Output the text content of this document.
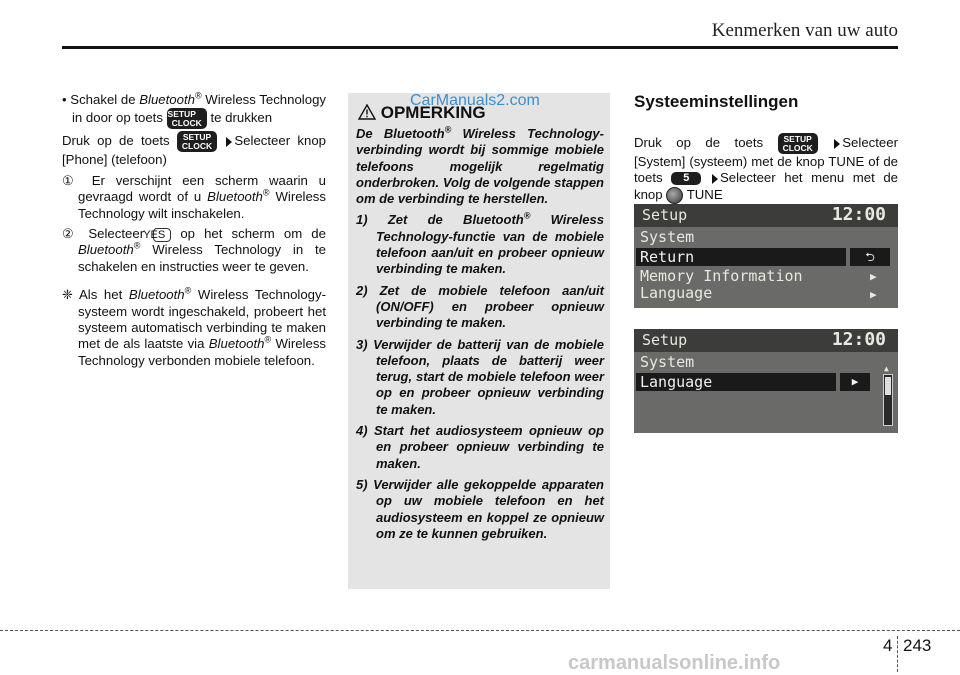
Kenmerken van uw auto

• Schakel de Bluetooth® Wireless Technology in door op toets SETUP
CLOCK te drukken

Druk op de toets SETUP
CLOCK Selecteer knop [Phone] (telefoon)

① Er verschijnt een scherm waarin u gevraagd wordt of u Bluetooth® Wireless Technology wilt inschakelen.

② Selecteer YES op het scherm om de Bluetooth® Wireless Technology in te schakelen en instructies weer te geven.

❈ Als het Bluetooth® Wireless Technology-systeem wordt ingeschakeld, probeert het systeem automatisch verbinding te maken met de als laatste via Bluetooth® Wireless Technology verbonden mobiele telefoon.

CarManuals2.com
OPMERKING

De Bluetooth® Wireless Technology-verbinding wordt bij sommige mobiele telefoons mogelijk regelmatig onderbroken. Volg de volgende stappen om de verbinding te herstellen.

1) Zet de Bluetooth® Wireless Technology-functie van de mobiele telefoon aan/uit en probeer opnieuw verbinding te maken.

2) Zet de mobiele telefoon aan/uit (ON/OFF) en probeer opnieuw verbinding te maken.

3) Verwijder de batterij van de mobiele telefoon, plaats de batterij weer terug, start de mobiele telefoon weer op en probeer opnieuw verbinding te maken.

4) Start het audiosysteem opnieuw op en probeer opnieuw verbinding te maken.

5) Verwijder alle gekoppelde apparaten op uw mobiele telefoon en het audiosysteem en koppel ze opnieuw om ze te kunnen gebruiken.

Systeeminstellingen

Druk op de toets SETUP
CLOCK Selecteer [System] (systeem) met de knop TUNE of de toets 5 Selecteer het menu met de knop TUNE

Setup	12:00
System
Return	⮌
Memory Information	▶
Language	▶
Setup	12:00
System
Language	▶
▲
4 243
carmanualsonline.info
